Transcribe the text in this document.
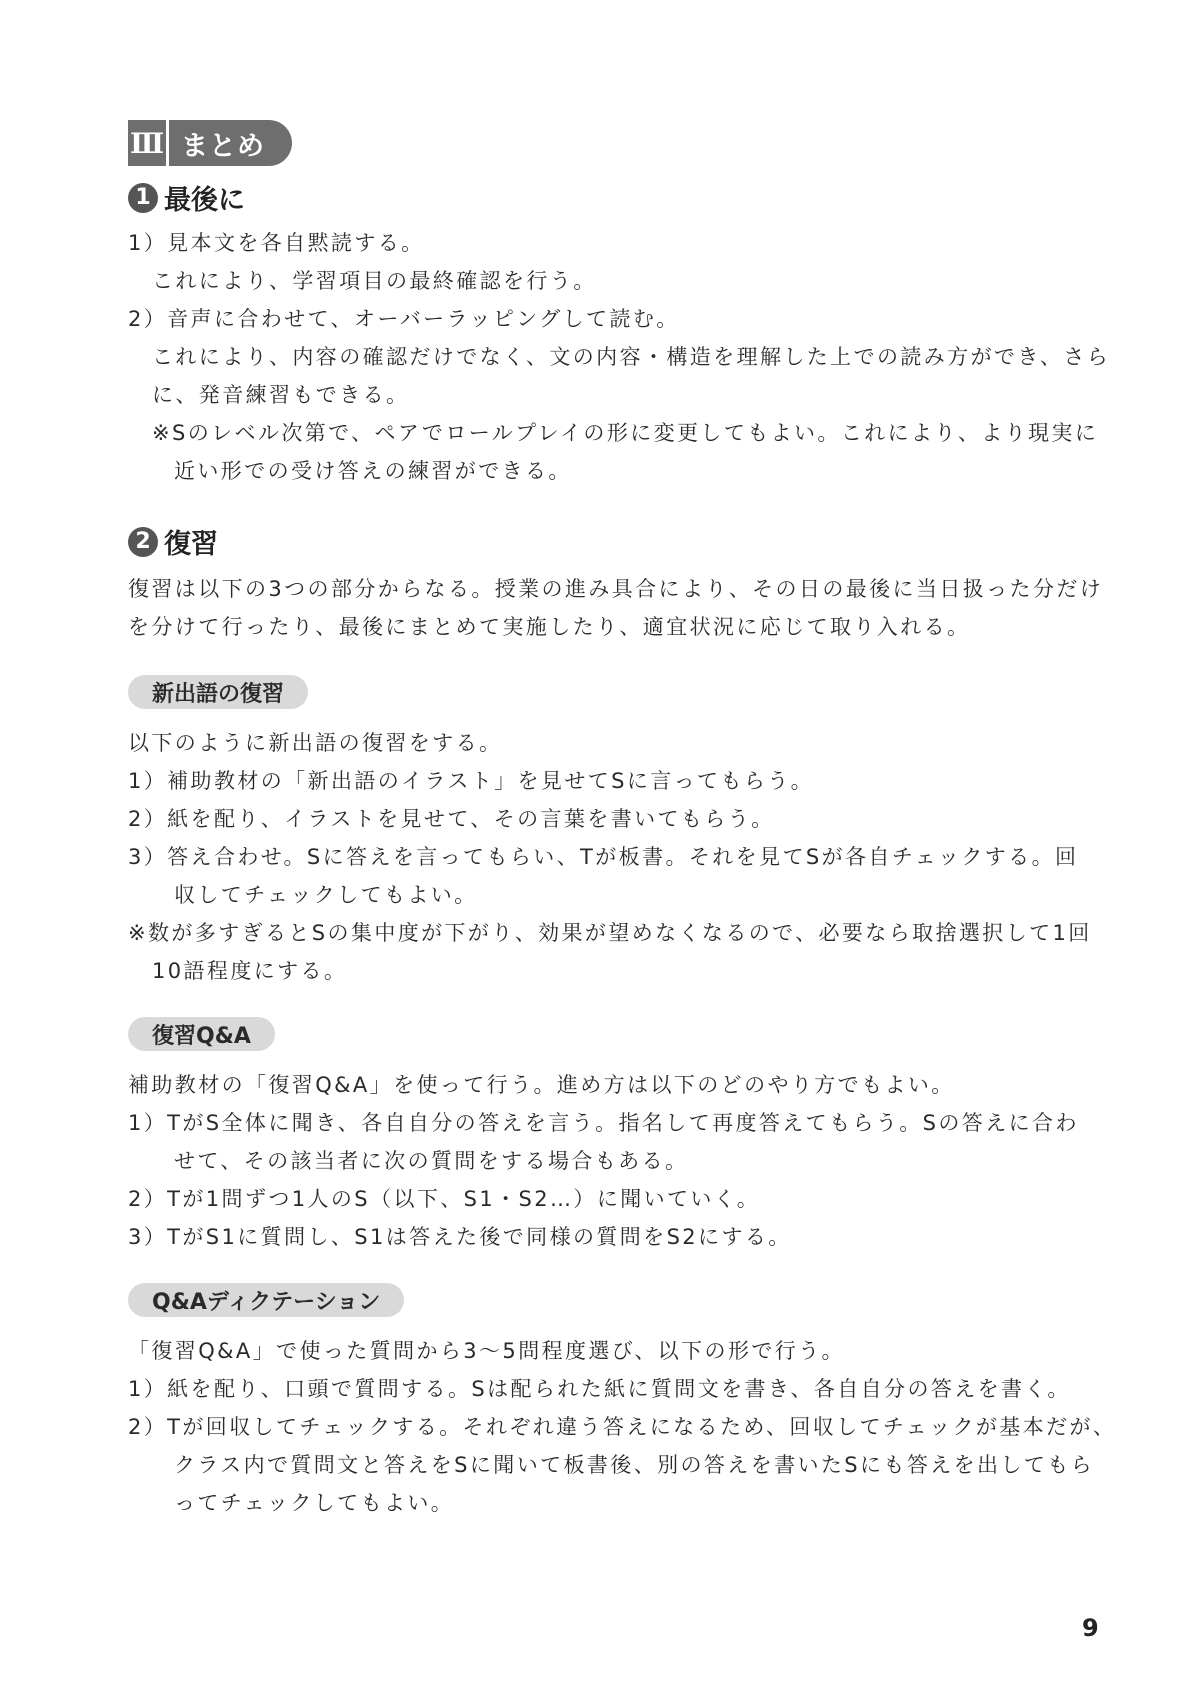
Ⅲ まとめ
1 最後に
1）見本文を各自黙読する。
これにより、学習項目の最終確認を行う。
2）音声に合わせて、オーバーラッピングして読む。
これにより、内容の確認だけでなく、文の内容・構造を理解した上での読み方ができ、さら
に、発音練習もできる。
※Sのレベル次第で、ペアでロールプレイの形に変更してもよい。これにより、より現実に
近い形での受け答えの練習ができる。
2 復習
復習は以下の3つの部分からなる。授業の進み具合により、その日の最後に当日扱った分だけ
を分けて行ったり、最後にまとめて実施したり、適宜状況に応じて取り入れる。
新出語の復習
以下のように新出語の復習をする。
1）補助教材の「新出語のイラスト」を見せてSに言ってもらう。
2）紙を配り、イラストを見せて、その言葉を書いてもらう。
3）答え合わせ。Sに答えを言ってもらい、Tが板書。それを見てSが各自チェックする。回
収してチェックしてもよい。
※数が多すぎるとSの集中度が下がり、効果が望めなくなるので、必要なら取捨選択して1回
10語程度にする。
復習Q&A
補助教材の「復習Q&A」を使って行う。進め方は以下のどのやり方でもよい。
1）TがS全体に聞き、各自自分の答えを言う。指名して再度答えてもらう。Sの答えに合わ
せて、その該当者に次の質問をする場合もある。
2）Tが1問ずつ1人のS（以下、S1・S2…）に聞いていく。
3）TがS1に質問し、S1は答えた後で同様の質問をS2にする。
Q&Aディクテーション
「復習Q&A」で使った質問から3～5問程度選び、以下の形で行う。
1）紙を配り、口頭で質問する。Sは配られた紙に質問文を書き、各自自分の答えを書く。
2）Tが回収してチェックする。それぞれ違う答えになるため、回収してチェックが基本だが、
クラス内で質問文と答えをSに聞いて板書後、別の答えを書いたSにも答えを出してもら
ってチェックしてもよい。
9
